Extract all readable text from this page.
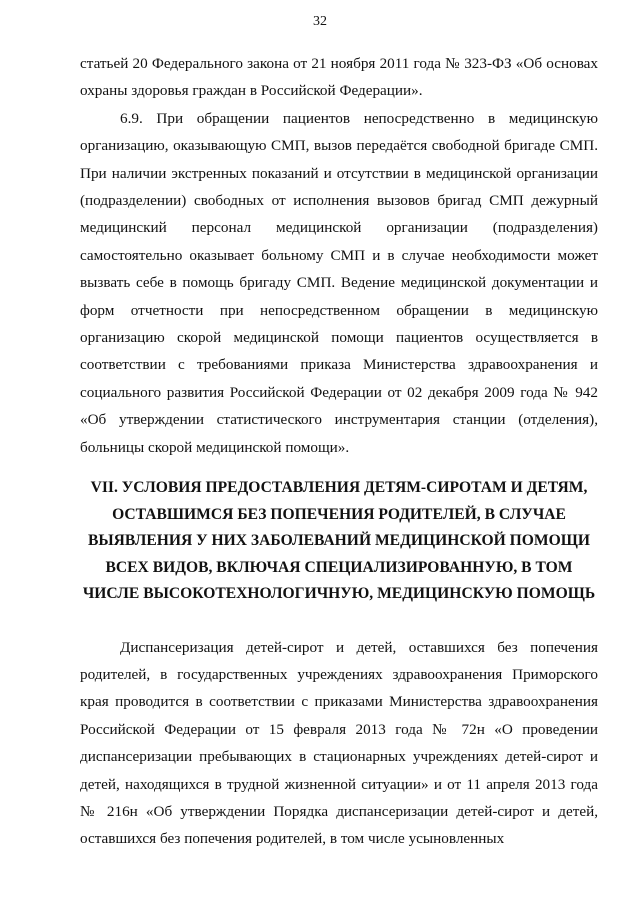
32

статьей 20 Федерального закона от 21 ноября 2011 года № 323-ФЗ «Об основах охраны здоровья граждан в Российской Федерации».

6.9. При обращении пациентов непосредственно в медицинскую организацию, оказывающую СМП, вызов передаётся свободной бригаде СМП. При наличии экстренных показаний и отсутствии в медицинской организации (подразделении) свободных от исполнения вызовов бригад СМП дежурный медицинский персонал медицинской организации (подразделения) самостоятельно оказывает больному СМП и в случае необходимости может вызвать себе в помощь бригаду СМП. Ведение медицинской документации и форм отчетности при непосредственном обращении в медицинскую организацию скорой медицинской помощи пациентов осуществляется в соответствии с требованиями приказа Министерства здравоохранения и социального развития Российской Федерации от 02 декабря 2009 года № 942 «Об утверждении статистического инструментария станции (отделения), больницы скорой медицинской помощи».

VII. УСЛОВИЯ ПРЕДОСТАВЛЕНИЯ ДЕТЯМ-СИРОТАМ И ДЕТЯМ, ОСТАВШИМСЯ БЕЗ ПОПЕЧЕНИЯ РОДИТЕЛЕЙ, В СЛУЧАЕ ВЫЯВЛЕНИЯ У НИХ ЗАБОЛЕВАНИЙ МЕДИЦИНСКОЙ ПОМОЩИ ВСЕХ ВИДОВ, ВКЛЮЧАЯ СПЕЦИАЛИЗИРОВАННУЮ, В ТОМ ЧИСЛЕ ВЫСОКОТЕХНОЛОГИЧНУЮ, МЕДИЦИНСКУЮ ПОМОЩЬ

Диспансеризация детей-сирот и детей, оставшихся без попечения родителей, в государственных учреждениях здравоохранения Приморского края проводится в соответствии с приказами Министерства здравоохранения Российской Федерации от 15 февраля 2013 года № 72н «О проведении диспансеризации пребывающих в стационарных учреждениях детей-сирот и детей, находящихся в трудной жизненной ситуации» и от 11 апреля 2013 года № 216н «Об утверждении Порядка диспансеризации детей-сирот и детей, оставшихся без попечения родителей, в том числе усыновленных
